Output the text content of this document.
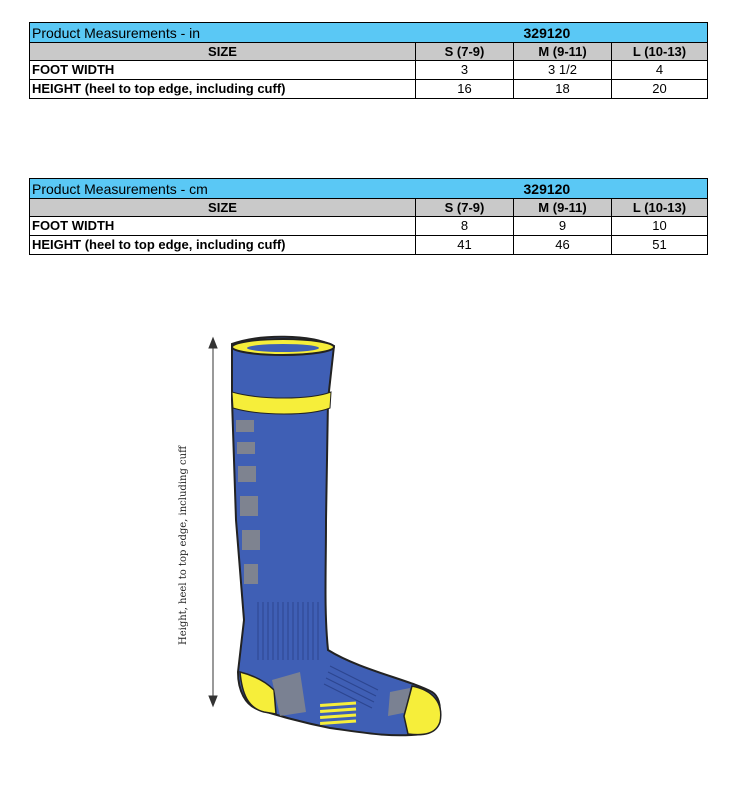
Product Measurements - in		329120	
SIZE	S (7-9)	M (9-11)	L (10-13)
FOOT WIDTH	3	3 1/2	4
HEIGHT (heel to top edge, including cuff)	16	18	20
Product Measurements - cm		329120	
SIZE	S (7-9)	M (9-11)	L (10-13)
FOOT WIDTH	8	9	10
HEIGHT (heel to top edge, including cuff)	41	46	51
Height, heel to top edge, including cuff
